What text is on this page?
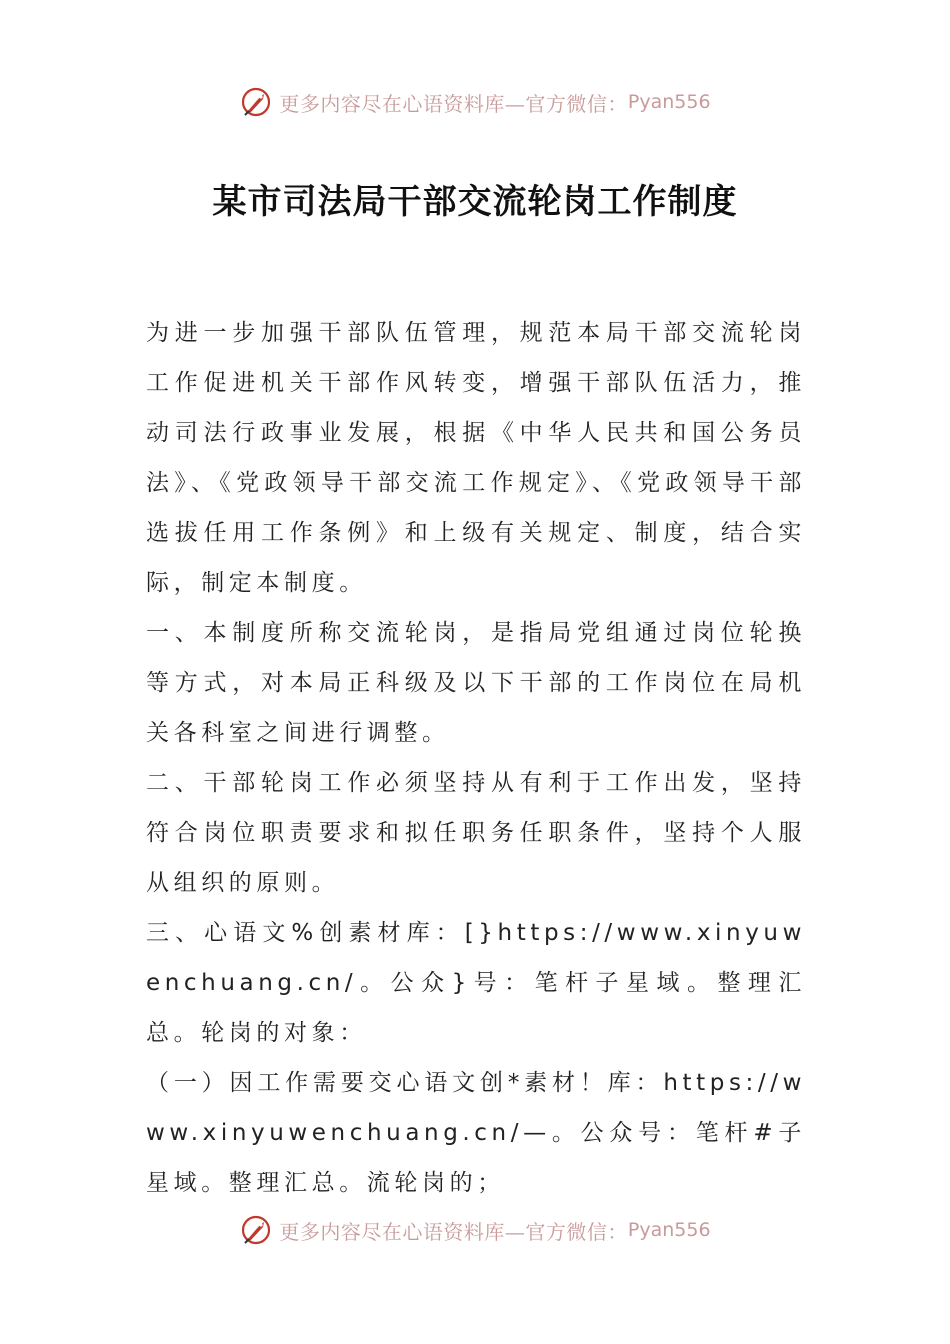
更多内容尽在心语资料库—官方微信： Pyan556
某市司法局干部交流轮岗工作制度

为进一步加强干部队伍管理，规范本局干部交流轮岗工作促进机关干部作风转变，增强干部队伍活力，推动司法行政事业发展，根据《中华人民共和国公务员法》、《党政领导干部交流工作规定》、《党政领导干部选拔任用工作条例》和上级有关规定、制度，结合实际，制定本制度。

一、本制度所称交流轮岗，是指局党组通过岗位轮换等方式，对本局正科级及以下干部的工作岗位在局机关各科室之间进行调整。

二、干部轮岗工作必须坚持从有利于工作出发，坚持符合岗位职责要求和拟任职务任职条件，坚持个人服从组织的原则。

三、心语文%创素材库：[}https://www.xinyuwenchuang.cn/。公众}号：笔杆子星域。整理汇总。轮岗的对象：

（一）因工作需要交心语文创*素材！库：https://www.xinyuwenchuang.cn/—。公众号：笔杆#子星域。整理汇总。流轮岗的；

更多内容尽在心语资料库—官方微信： Pyan556
